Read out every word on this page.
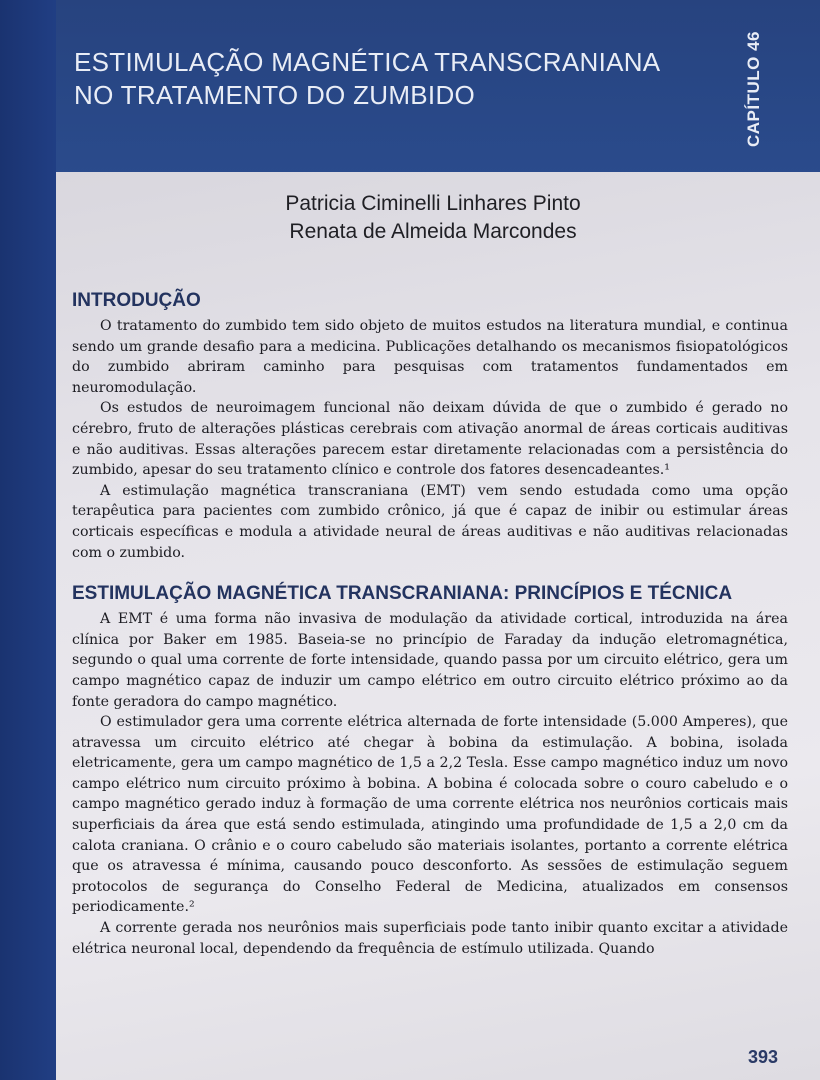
ESTIMULAÇÃO MAGNÉTICA TRANSCRANIANA
NO TRATAMENTO DO ZUMBIDO	CAPÍTULO 46
Patricia Ciminelli Linhares Pinto
Renata de Almeida Marcondes
INTRODUÇÃO

O tratamento do zumbido tem sido objeto de muitos estudos na literatura mundial, e continua sendo um grande desafio para a medicina. Publicações detalhando os mecanismos fisiopatológicos do zumbido abriram caminho para pesquisas com tratamentos fundamentados em neuromodulação.

Os estudos de neuroimagem funcional não deixam dúvida de que o zumbido é gerado no cérebro, fruto de alterações plásticas cerebrais com ativação anormal de áreas corticais auditivas e não auditivas. Essas alterações parecem estar diretamente relacionadas com a persistência do zumbido, apesar do seu tratamento clínico e controle dos fatores desencadeantes.¹

A estimulação magnética transcraniana (EMT) vem sendo estudada como uma opção terapêutica para pacientes com zumbido crônico, já que é capaz de inibir ou estimular áreas corticais específicas e modula a atividade neural de áreas auditivas e não auditivas relacionadas com o zumbido.

ESTIMULAÇÃO MAGNÉTICA TRANSCRANIANA: PRINCÍPIOS E TÉCNICA

A EMT é uma forma não invasiva de modulação da atividade cortical, introduzida na área clínica por Baker em 1985. Baseia-se no princípio de Faraday da indução eletromagnética, segundo o qual uma corrente de forte intensidade, quando passa por um circuito elétrico, gera um campo magnético capaz de induzir um campo elétrico em outro circuito elétrico próximo ao da fonte geradora do campo magnético.

O estimulador gera uma corrente elétrica alternada de forte intensidade (5.000 Amperes), que atravessa um circuito elétrico até chegar à bobina da estimulação. A bobina, isolada eletricamente, gera um campo magnético de 1,5 a 2,2 Tesla. Esse campo magnético induz um novo campo elétrico num circuito próximo à bobina. A bobina é colocada sobre o couro cabeludo e o campo magnético gerado induz à formação de uma corrente elétrica nos neurônios corticais mais superficiais da área que está sendo estimulada, atingindo uma profundidade de 1,5 a 2,0 cm da calota craniana. O crânio e o couro cabeludo são materiais isolantes, portanto a corrente elétrica que os atravessa é mínima, causando pouco desconforto. As sessões de estimulação seguem protocolos de segurança do Conselho Federal de Medicina, atualizados em consensos periodicamente.²

A corrente gerada nos neurônios mais superficiais pode tanto inibir quanto excitar a atividade elétrica neuronal local, dependendo da frequência de estímulo utilizada. Quando

393
